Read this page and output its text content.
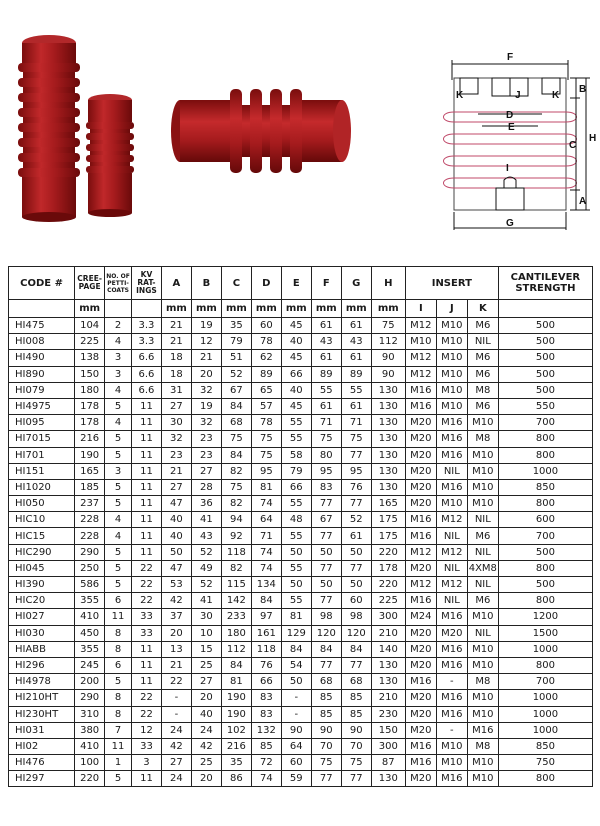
F
B
K	J	K
D
E
C
H
I
A
G
CODE #	CREE-PAGE	NO. OF PETTI-COATS	KV RAT-INGS	A	B	C	D	E	F	G	H	INSERT			CANTILEVER STRENGTH
	mm			mm	mm	mm	mm	mm	mm	mm	mm	I	J	K	
HI475	104	2	3.3	21	19	35	60	45	61	61	75	M12	M10	M6	500
HI008	225	4	3.3	21	12	79	78	40	43	43	112	M10	M10	NIL	500
HI490	138	3	6.6	18	21	51	62	45	61	61	90	M12	M10	M6	500
HI890	150	3	6.6	18	20	52	89	66	89	89	90	M12	M10	M6	500
HI079	180	4	6.6	31	32	67	65	40	55	55	130	M16	M10	M8	500
HI4975	178	5	11	27	19	84	57	45	61	61	130	M16	M10	M6	550
HI095	178	4	11	30	32	68	78	55	71	71	130	M20	M16	M10	700
HI7015	216	5	11	32	23	75	75	55	75	75	130	M20	M16	M8	800
HI701	190	5	11	23	23	84	75	58	80	77	130	M20	M16	M10	800
HI151	165	3	11	21	27	82	95	79	95	95	130	M20	NIL	M10	1000
HI1020	185	5	11	27	28	75	81	66	83	76	130	M20	M16	M10	850
HI050	237	5	11	47	36	82	74	55	77	77	165	M20	M10	M10	800
HIC10	228	4	11	40	41	94	64	48	67	52	175	M16	M12	NIL	600
HIC15	228	4	11	40	43	92	71	55	77	61	175	M16	NIL	M6	700
HIC290	290	5	11	50	52	118	74	50	50	50	220	M12	M12	NIL	500
HI045	250	5	22	47	49	82	74	55	77	77	178	M20	NIL	4XM8	800
HI390	586	5	22	53	52	115	134	50	50	50	220	M12	M12	NIL	500
HIC20	355	6	22	42	41	142	84	55	77	60	225	M16	NIL	M6	800
HI027	410	11	33	37	30	233	97	81	98	98	300	M24	M16	M10	1200
HI030	450	8	33	20	10	180	161	129	120	120	210	M20	M20	NIL	1500
HIABB	355	8	11	13	15	112	118	84	84	84	140	M20	M16	M10	1000
HI296	245	6	11	21	25	84	76	54	77	77	130	M20	M16	M10	800
HI4978	200	5	11	22	27	81	66	50	68	68	130	M16	-	M8	700
HI210HT	290	8	22	-	20	190	83	-	85	85	210	M20	M16	M10	1000
HI230HT	310	8	22	-	40	190	83	-	85	85	230	M20	M16	M10	1000
HI031	380	7	12	24	24	102	132	90	90	90	150	M20	-	M16	1000
HI02	410	11	33	42	42	216	85	64	70	70	300	M16	M10	M8	850
HI476	100	1	3	27	25	35	72	60	75	75	87	M16	M10	M10	750
HI297	220	5	11	24	20	86	74	59	77	77	130	M20	M16	M10	800
